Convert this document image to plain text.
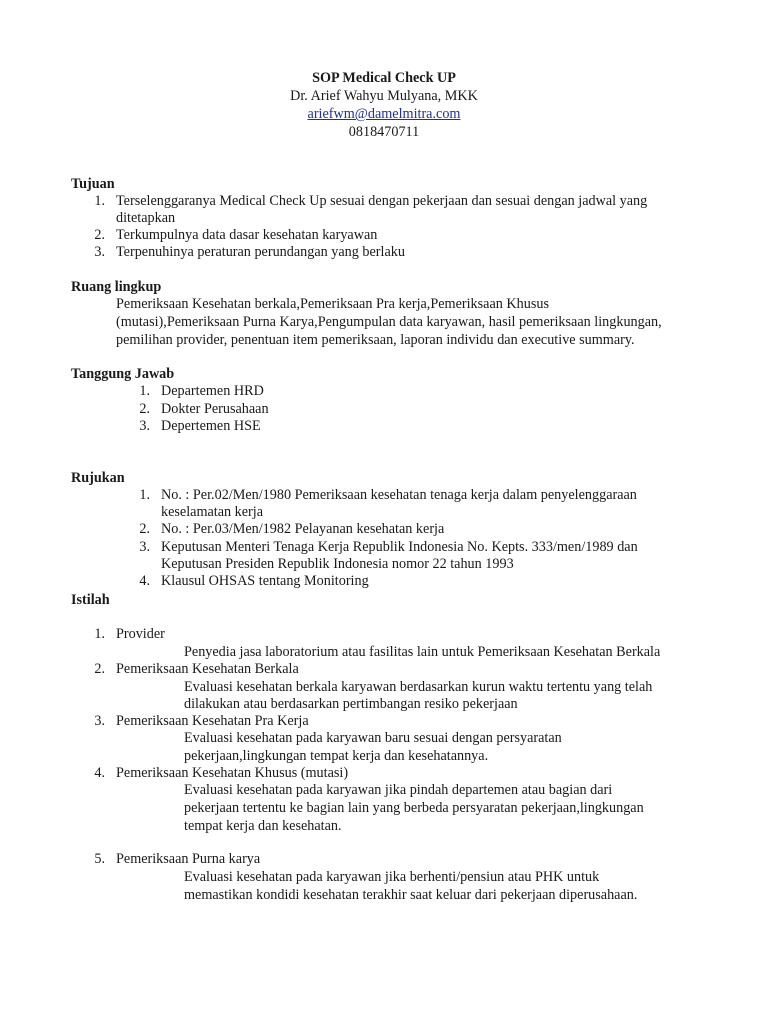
SOP Medical Check UP
Dr. Arief Wahyu Mulyana, MKK
ariefwm@damelmitra.com
0818470711
Tujuan
1. Terselenggaranya Medical Check Up sesuai dengan pekerjaan dan sesuai dengan jadwal yang
ditetapkan
2. Terkumpulnya data dasar kesehatan karyawan
3. Terpenuhinya peraturan perundangan yang berlaku
Ruang lingkup
Pemeriksaan Kesehatan berkala,Pemeriksaan Pra kerja,Pemeriksaan Khusus
(mutasi),Pemeriksaan Purna Karya,Pengumpulan data karyawan, hasil pemeriksaan lingkungan,
pemilihan provider, penentuan item pemeriksaan, laporan individu dan executive summary.
Tanggung Jawab
1. Departemen HRD
2. Dokter Perusahaan
3. Depertemen HSE
Rujukan
1. No. : Per.02/Men/1980 Pemeriksaan kesehatan tenaga kerja dalam penyelenggaraan
keselamatan kerja
2. No. : Per.03/Men/1982 Pelayanan kesehatan kerja
3. Keputusan Menteri Tenaga Kerja Republik Indonesia No. Kepts. 333/men/1989 dan
Keputusan Presiden Republik Indonesia nomor 22 tahun 1993
4. Klausul OHSAS tentang Monitoring
Istilah
1. Provider
Penyedia jasa laboratorium atau fasilitas lain untuk Pemeriksaan Kesehatan Berkala
2. Pemeriksaan Kesehatan Berkala
Evaluasi kesehatan berkala karyawan berdasarkan kurun waktu tertentu yang telah
dilakukan atau berdasarkan pertimbangan resiko pekerjaan
3. Pemeriksaan Kesehatan Pra Kerja
Evaluasi kesehatan pada karyawan baru sesuai dengan persyaratan
pekerjaan,lingkungan tempat kerja dan kesehatannya.
4. Pemeriksaan Kesehatan Khusus (mutasi)
Evaluasi kesehatan pada karyawan jika pindah departemen atau bagian dari
pekerjaan tertentu ke bagian lain yang berbeda persyaratan pekerjaan,lingkungan
tempat kerja dan kesehatan.
5. Pemeriksaan Purna karya
Evaluasi kesehatan pada karyawan jika berhenti/pensiun atau PHK untuk
memastikan kondidi kesehatan terakhir saat keluar dari pekerjaan diperusahaan.
